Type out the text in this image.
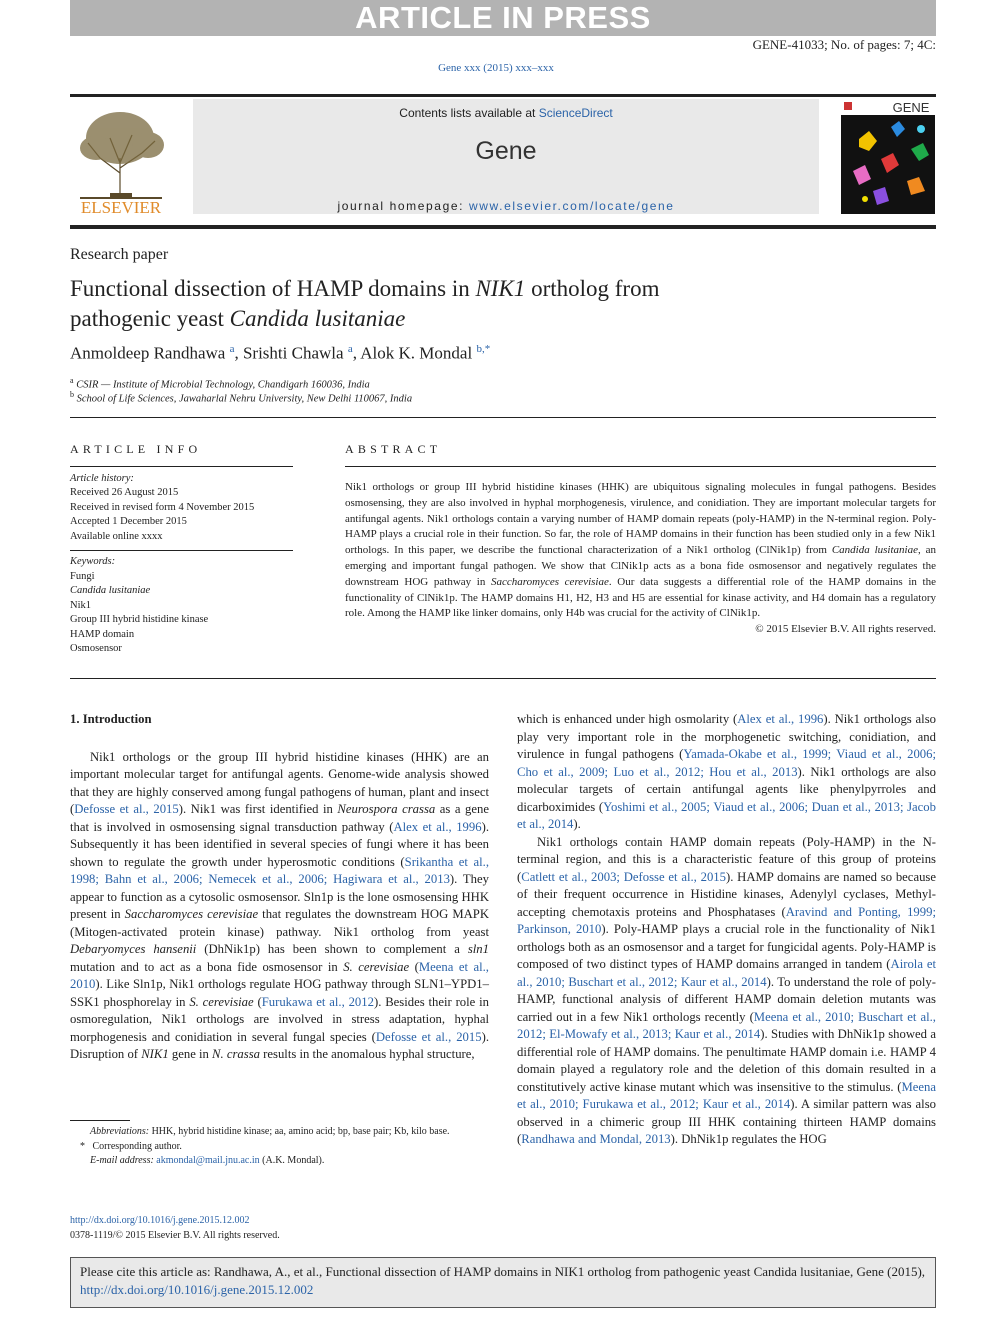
ARTICLE IN PRESS
GENE-41033; No. of pages: 7; 4C:
Gene xxx (2015) xxx–xxx
ELSEVIER
Contents lists available at ScienceDirect
Gene
journal homepage: www.elsevier.com/locate/gene
GENE
Research paper
Functional dissection of HAMP domains in NIK1 ortholog from
pathogenic yeast Candida lusitaniae
Anmoldeep Randhawa $^a$, Srishti Chawla $^a$, Alok K. Mondal $^{b,*}$
$^a$ CSIR — Institute of Microbial Technology, Chandigarh 160036, India
$^b$ School of Life Sciences, Jawaharlal Nehru University, New Delhi 110067, India
ARTICLE INFO
Article history:
Received 26 August 2015
Received in revised form 4 November 2015
Accepted 1 December 2015
Available online xxxx
Keywords:
Fungi
Candida lusitaniae
Nik1
Group III hybrid histidine kinase
HAMP domain
Osmosensor
ABSTRACT
Nik1 orthologs or group III hybrid histidine kinases (HHK) are ubiquitous signaling molecules in fungal pathogens. Besides osmosensing, they are also involved in hyphal morphogenesis, virulence, and conidiation. They are important molecular targets for antifungal agents. Nik1 orthologs contain a varying number of HAMP domain repeats (poly-HAMP) in the N-terminal region. Poly-HAMP plays a crucial role in their function. So far, the role of HAMP domains in their function has been studied only in a few Nik1 orthologs. In this paper, we describe the functional characterization of a Nik1 ortholog (ClNik1p) from Candida lusitaniae, an emerging and important fungal pathogen. We show that ClNik1p acts as a bona fide osmosensor and negatively regulates the downstream HOG pathway in Saccharomyces cerevisiae. Our data suggests a differential role of the HAMP domains in the functionality of ClNik1p. The HAMP domains H1, H2, H3 and H5 are essential for kinase activity, and H4 domain has a regulatory role. Among the HAMP like linker domains, only H4b was crucial for the activity of ClNik1p.
© 2015 Elsevier B.V. All rights reserved.

1. Introduction

Nik1 orthologs or the group III hybrid histidine kinases (HHK) are an important molecular target for antifungal agents. Genome-wide analysis showed that they are highly conserved among fungal pathogens of human, plant and insect (Defosse et al., 2015). Nik1 was first identified in Neurospora crassa as a gene that is involved in osmosensing signal transduction pathway (Alex et al., 1996). Subsequently it has been identified in several species of fungi where it has been shown to regulate the growth under hyperosmotic conditions (Srikantha et al., 1998; Bahn et al., 2006; Nemecek et al., 2006; Hagiwara et al., 2013). They appear to function as a cytosolic osmosensor. Sln1p is the lone osmosensing HHK present in Saccharomyces cerevisiae that regulates the downstream HOG MAPK (Mitogen-activated protein kinase) pathway. Nik1 ortholog from yeast Debaryomyces hansenii (DhNik1p) has been shown to complement a sln1 mutation and to act as a bona fide osmosensor in S. cerevisiae (Meena et al., 2010). Like Sln1p, Nik1 orthologs regulate HOG pathway through SLN1–YPD1–SSK1 phosphorelay in S. cerevisiae (Furukawa et al., 2012). Besides their role in osmoregulation, Nik1 orthologs are involved in stress adaptation, hyphal morphogenesis and conidiation in several fungal species (Defosse et al., 2015). Disruption of NIK1 gene in N. crassa results in the anomalous hyphal structure,

which is enhanced under high osmolarity (Alex et al., 1996). Nik1 orthologs also play very important role in the morphogenetic switching, conidiation, and virulence in fungal pathogens (Yamada-Okabe et al., 1999; Viaud et al., 2006; Cho et al., 2009; Luo et al., 2012; Hou et al., 2013). Nik1 orthologs are also molecular targets of certain antifungal agents like phenylpyrroles and dicarboximides (Yoshimi et al., 2005; Viaud et al., 2006; Duan et al., 2013; Jacob et al., 2014).

Nik1 orthologs contain HAMP domain repeats (Poly-HAMP) in the N-terminal region, and this is a characteristic feature of this group of proteins (Catlett et al., 2003; Defosse et al., 2015). HAMP domains are named so because of their frequent occurrence in Histidine kinases, Adenylyl cyclases, Methyl-accepting chemotaxis proteins and Phosphatases (Aravind and Ponting, 1999; Parkinson, 2010). Poly-HAMP plays a crucial role in the functionality of Nik1 orthologs both as an osmosensor and a target for fungicidal agents. Poly-HAMP is composed of two distinct types of HAMP domains arranged in tandem (Airola et al., 2010; Buschart et al., 2012; Kaur et al., 2014). To understand the role of poly-HAMP, functional analysis of different HAMP domain deletion mutants was carried out in a few Nik1 orthologs recently (Meena et al., 2010; Buschart et al., 2012; El-Mowafy et al., 2013; Kaur et al., 2014). Studies with DhNik1p showed a differential role of HAMP domains. The penultimate HAMP domain i.e. HAMP 4 domain played a regulatory role and the deletion of this domain resulted in a constitutively active kinase mutant which was insensitive to the stimulus. (Meena et al., 2010; Furukawa et al., 2012; Kaur et al., 2014). A similar pattern was also observed in a chimeric group III HHK containing thirteen HAMP domains (Randhawa and Mondal, 2013). DhNik1p regulates the HOG

Abbreviations: HHK, hybrid histidine kinase; aa, amino acid; bp, base pair; Kb, kilo base.
* Corresponding author.
E-mail address: akmondal@mail.jnu.ac.in (A.K. Mondal).
http://dx.doi.org/10.1016/j.gene.2015.12.002
0378-1119/© 2015 Elsevier B.V. All rights reserved.
Please cite this article as: Randhawa, A., et al., Functional dissection of HAMP domains in NIK1 ortholog from pathogenic yeast Candida lusitaniae, Gene (2015), http://dx.doi.org/10.1016/j.gene.2015.12.002
